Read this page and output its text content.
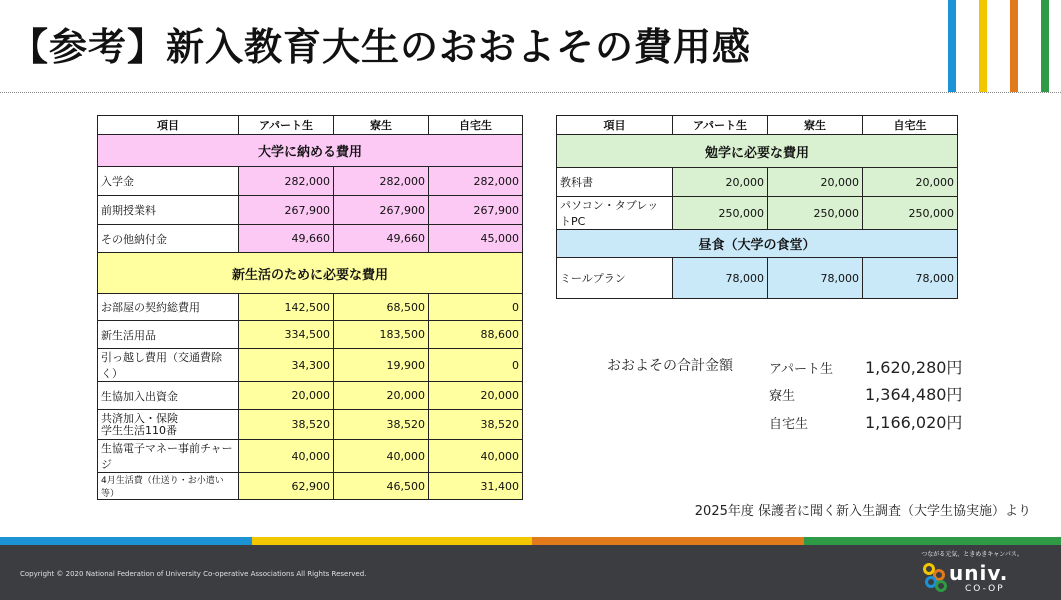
【参考】新入教育大生のおおよその費用感
項目	アパート生	寮生	自宅生
大学に納める費用			
入学金	282,000	282,000	282,000
前期授業料	267,900	267,900	267,900
その他納付金	49,660	49,660	45,000
新生活のために必要な費用			
お部屋の契約総費用	142,500	68,500	0
新生活用品	334,500	183,500	88,600
引っ越し費用（交通費除く）	34,300	19,900	0
生協加入出資金	20,000	20,000	20,000
共済加入・保険
学生生活110番	38,520	38,520	38,520
生協電子マネー事前チャージ	40,000	40,000	40,000
4月生活費（仕送り・お小遣い等）	62,900	46,500	31,400
項目	アパート生	寮生	自宅生
勉学に必要な費用			
教科書	20,000	20,000	20,000
パソコン・タブレットPC	250,000	250,000	250,000
昼食（大学の食堂）			
ミールプラン	78,000	78,000	78,000
おおよその合計金額	アパート生 1,620,280円
寮生	1,364,480円
自宅生	1,166,020円
2025年度 保護者に聞く新入生調査（大学生協実施）より
Copyright © 2020 National Federation of University Co-operative Associations All Rights Reserved.
つながる元気、ときめきキャンパス。
univ.
CO-OP
